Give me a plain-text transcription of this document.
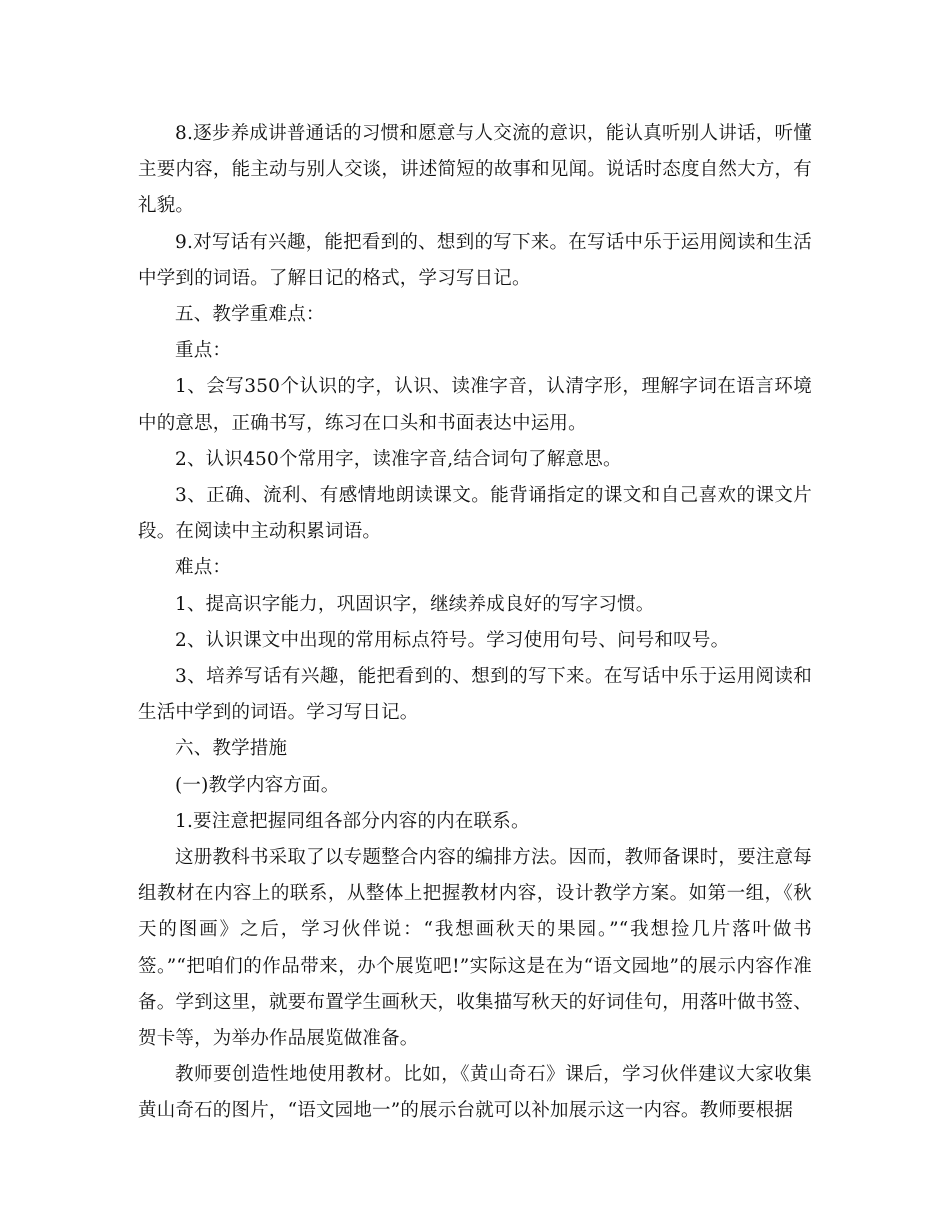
8.逐步养成讲普通话的习惯和愿意与人交流的意识，能认真听别人讲话，听懂主要内容，能主动与别人交谈，讲述简短的故事和见闻。说话时态度自然大方，有礼貌。

9.对写话有兴趣，能把看到的、想到的写下来。在写话中乐于运用阅读和生活中学到的词语。了解日记的格式，学习写日记。

五、教学重难点：

重点：

1、会写350个认识的字，认识、读准字音，认清字形，理解字词在语言环境中的意思，正确书写，练习在口头和书面表达中运用。

2、认识450个常用字，读准字音,结合词句了解意思。

3、正确、流利、有感情地朗读课文。能背诵指定的课文和自己喜欢的课文片段。在阅读中主动积累词语。

难点：

1、提高识字能力，巩固识字，继续养成良好的写字习惯。

2、认识课文中出现的常用标点符号。学习使用句号、问号和叹号。

3、培养写话有兴趣，能把看到的、想到的写下来。在写话中乐于运用阅读和生活中学到的词语。学习写日记。

六、教学措施

(一)教学内容方面。

1.要注意把握同组各部分内容的内在联系。

这册教科书采取了以专题整合内容的编排方法。因而，教师备课时，要注意每组教材在内容上的联系，从整体上把握教材内容，设计教学方案。如第一组，《秋天的图画》之后，学习伙伴说：“我想画秋天的果园。”“我想捡几片落叶做书签。”“把咱们的作品带来，办个展览吧!”实际这是在为“语文园地”的展示内容作准备。学到这里，就要布置学生画秋天，收集描写秋天的好词佳句，用落叶做书签、贺卡等，为举办作品展览做准备。

教师要创造性地使用教材。比如，《黄山奇石》课后，学习伙伴建议大家收集黄山奇石的图片，“语文园地一”的展示台就可以补加展示这一内容。教师要根据
